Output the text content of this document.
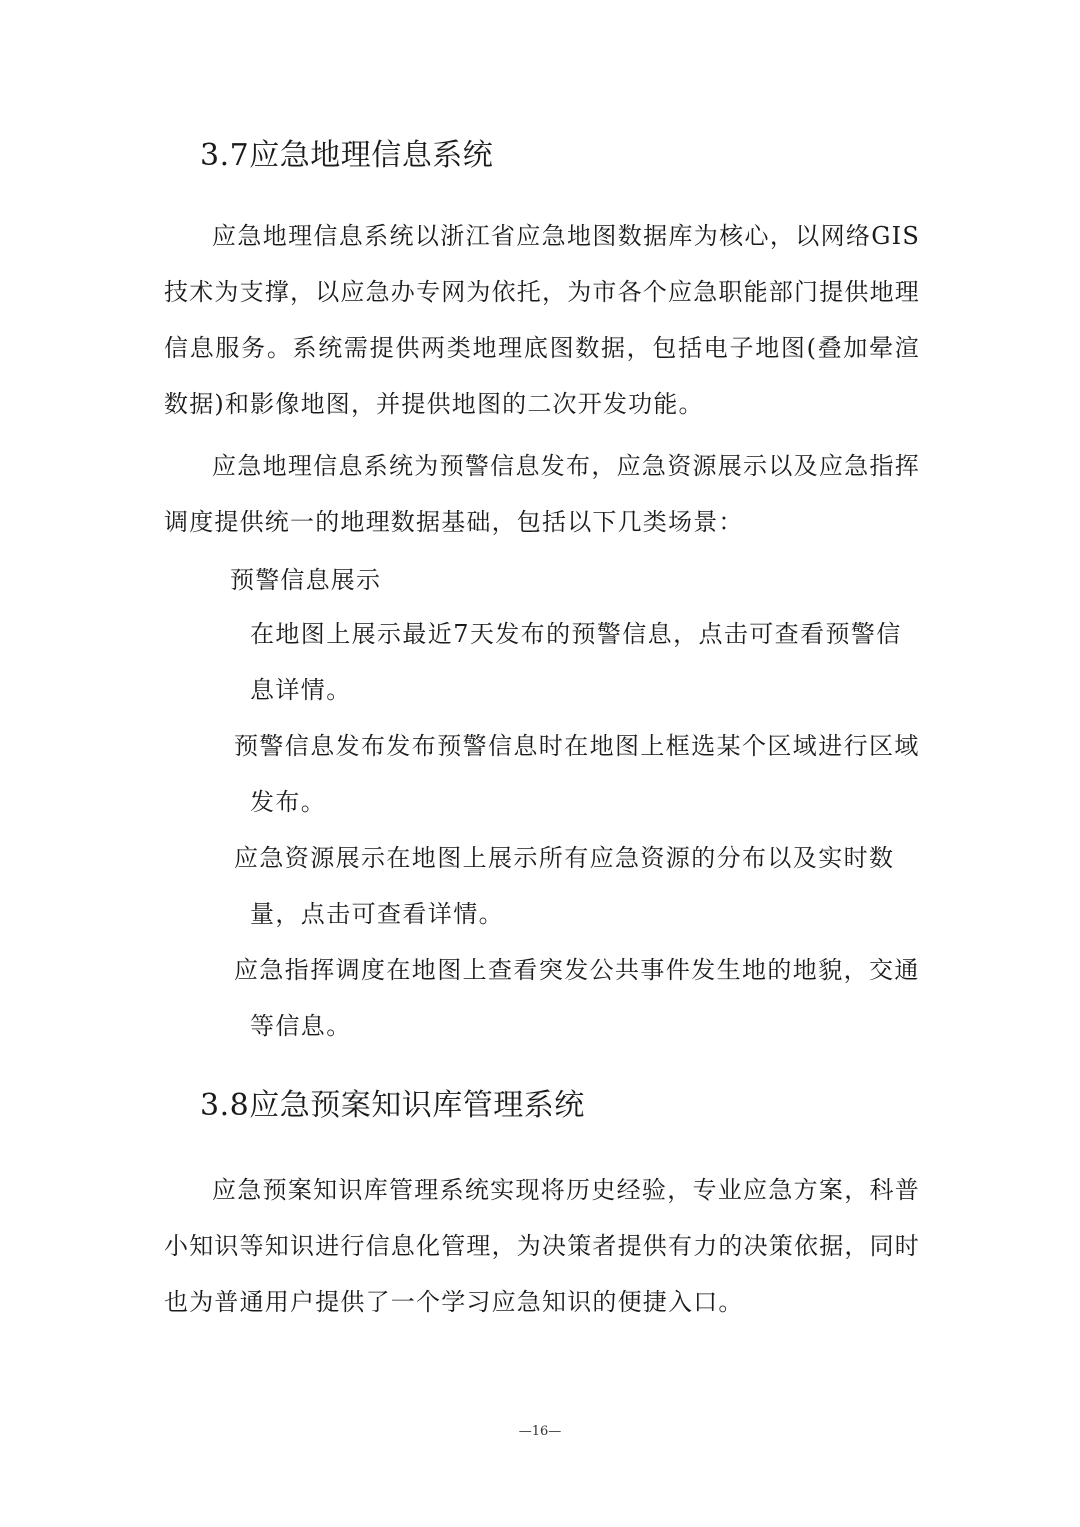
3.7应急地理信息系统
应急地理信息系统以浙江省应急地图数据库为核心，以网络GIS技术为支撑，以应急办专网为依托，为市各个应急职能部门提供地理信息服务。系统需提供两类地理底图数据，包括电子地图(叠加晕渲数据)和影像地图，并提供地图的二次开发功能。
应急地理信息系统为预警信息发布，应急资源展示以及应急指挥调度提供统一的地理数据基础，包括以下几类场景：
预警信息展示
在地图上展示最近7天发布的预警信息，点击可查看预警信息详情。
预警信息发布发布预警信息时在地图上框选某个区域进行区域发布。
应急资源展示在地图上展示所有应急资源的分布以及实时数量，点击可查看详情。
应急指挥调度在地图上查看突发公共事件发生地的地貌，交通等信息。
3.8应急预案知识库管理系统
应急预案知识库管理系统实现将历史经验，专业应急方案，科普小知识等知识进行信息化管理，为决策者提供有力的决策依据，同时也为普通用户提供了一个学习应急知识的便捷入口。
—16—
